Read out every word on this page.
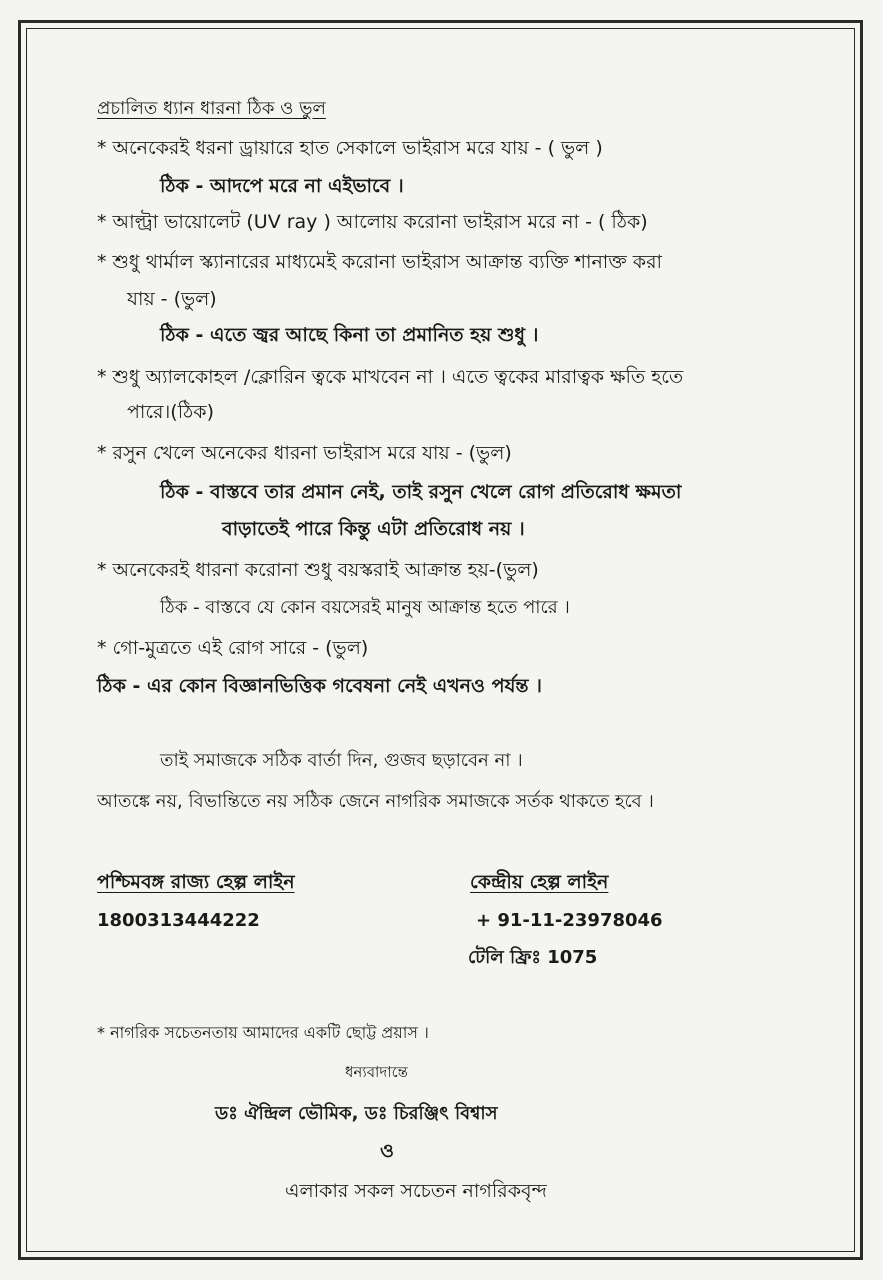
প্রচালিত ধ্যান ধারনা ঠিক ও ভুল
* অনেকেরই ধরনা ড্রায়ারে হাত সেকালে ভাইরাস মরে যায় - ( ভুল )
ঠিক - আদপে মরে না এইভাবে ।
* আল্ট্রা ভায়োলেট (UV ray ) আলোয় করোনা ভাইরাস মরে না - ( ঠিক)
* শুধু থার্মাল স্ক্যানারের মাধ্যমেই করোনা ভাইরাস আক্রান্ত ব্যক্তি শানাক্ত করা
যায় - (ভুল)
ঠিক - এতে জ্বর আছে কিনা তা প্রমানিত হয় শুধু ।
* শুধু অ্যালকোহল /ক্লোরিন ত্বকে মাখবেন না । এতে ত্বকের মারাত্বক ক্ষতি হতে
পারে।(ঠিক)
* রসুন খেলে অনেকের ধারনা ভাইরাস মরে যায় - (ভুল)
ঠিক - বাস্তবে তার প্রমান নেই, তাই রসুন খেলে রোগ প্রতিরোধ ক্ষমতা
বাড়াতেই পারে কিন্তু এটা প্রতিরোধ নয় ।
* অনেকেরই ধারনা করোনা শুধু বয়স্করাই আক্রান্ত হয়-(ভুল)
ঠিক - বাস্তবে যে কোন বয়সেরই মানুষ আক্রান্ত হতে পারে ।
* গো-মুত্রতে এই রোগ সারে - (ভুল)
ঠিক - এর কোন বিজ্ঞানভিত্তিক গবেষনা নেই এখনও পর্যন্ত ।
তাই সমাজকে সঠিক বার্তা দিন, গুজব ছড়াবেন না ।
আতঙ্কে নয়, বিভান্তিতে নয় সঠিক জেনে নাগরিক সমাজকে সর্তক থাকতে হবে ।
পশ্চিমবঙ্গ রাজ্য হেল্প লাইন
1800313444222
কেন্দ্রীয় হেল্প লাইন
+ 91-11-23978046
টেলি ফ্রিঃ 1075
* নাগরিক সচেতনতায় আমাদের একটি ছোট্ট প্রয়াস ।
ধন্যবাদান্তে
ডঃ ঐন্দ্রিল ভৌমিক, ডঃ চিরঞ্জিৎ বিশ্বাস
ও
এলাকার সকল সচেতন নাগরিকবৃন্দ
